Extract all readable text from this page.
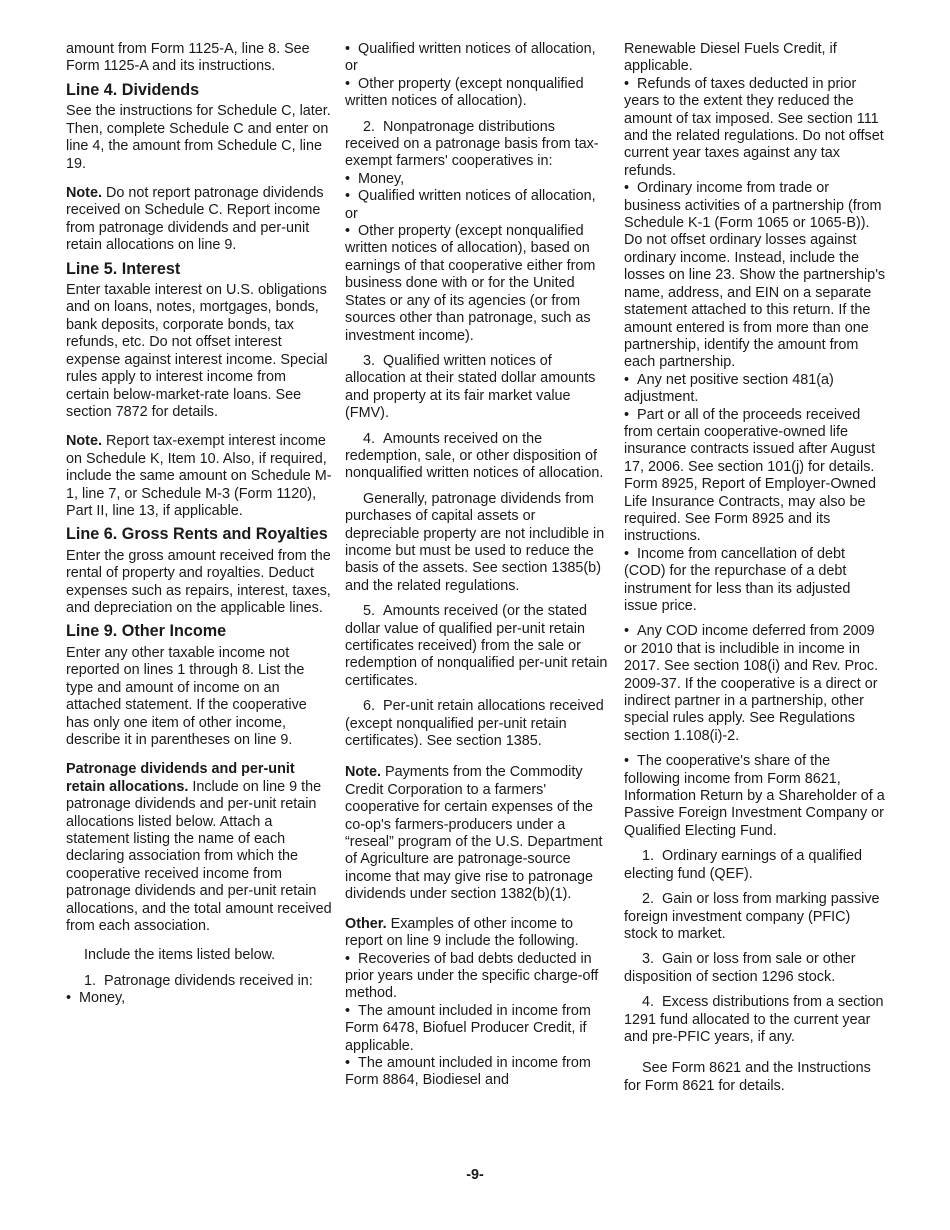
amount from Form 1125-A, line 8. See Form 1125-A and its instructions.

Line 4. Dividends

See the instructions for Schedule C, later. Then, complete Schedule C and enter on line 4, the amount from Schedule C, line 19.

Note. Do not report patronage dividends received on Schedule C. Report income from patronage dividends and per-unit retain allocations on line 9.

Line 5. Interest

Enter taxable interest on U.S. obligations and on loans, notes, mortgages, bonds, bank deposits, corporate bonds, tax refunds, etc. Do not offset interest expense against interest income. Special rules apply to interest income from certain below-market-rate loans. See section 7872 for details.

Note. Report tax-exempt interest income on Schedule K, Item 10. Also, if required, include the same amount on Schedule M-1, line 7, or Schedule M-3 (Form 1120), Part II, line 13, if applicable.

Line 6. Gross Rents and Royalties

Enter the gross amount received from the rental of property and royalties. Deduct expenses such as repairs, interest, taxes, and depreciation on the applicable lines.

Line 9. Other Income

Enter any other taxable income not reported on lines 1 through 8. List the type and amount of income on an attached statement. If the cooperative has only one item of other income, describe it in parentheses on line 9.

Patronage dividends and per-unit retain allocations. Include on line 9 the patronage dividends and per-unit retain allocations listed below. Attach a statement listing the name of each declaring association from which the cooperative received income from patronage dividends and per-unit retain allocations, and the total amount received from each association.

Include the items listed below.

1.  Patronage dividends received in:

•  Money,
•  Qualified written notices of allocation, or
•  Other property (except nonqualified written notices of allocation).

2.  Nonpatronage distributions received on a patronage basis from tax-exempt farmers' cooperatives in:

•  Money,
•  Qualified written notices of allocation, or
•  Other property (except nonqualified written notices of allocation), based on earnings of that cooperative either from business done with or for the United States or any of its agencies (or from sources other than patronage, such as investment income).

3.  Qualified written notices of allocation at their stated dollar amounts and property at its fair market value (FMV).

4.  Amounts received on the redemption, sale, or other disposition of nonqualified written notices of allocation.

Generally, patronage dividends from purchases of capital assets or depreciable property are not includible in income but must be used to reduce the basis of the assets. See section 1385(b) and the related regulations.

5.  Amounts received (or the stated dollar value of qualified per-unit retain certificates received) from the sale or redemption of nonqualified per-unit retain certificates.

6.  Per-unit retain allocations received (except nonqualified per-unit retain certificates). See section 1385.

Note. Payments from the Commodity Credit Corporation to a farmers' cooperative for certain expenses of the co-op's farmers-producers under a “reseal” program of the U.S. Department of Agriculture are patronage-source income that may give rise to patronage dividends under section 1382(b)(1).

Other. Examples of other income to report on line 9 include the following.

•  Recoveries of bad debts deducted in prior years under the specific charge-off method.
•  The amount included in income from Form 6478, Biofuel Producer Credit, if applicable.
•  The amount included in income from Form 8864, Biodiesel and

Renewable Diesel Fuels Credit, if applicable.

•  Refunds of taxes deducted in prior years to the extent they reduced the amount of tax imposed. See section 111 and the related regulations. Do not offset current year taxes against any tax refunds.
•  Ordinary income from trade or business activities of a partnership (from Schedule K-1 (Form 1065 or 1065-B)). Do not offset ordinary losses against ordinary income. Instead, include the losses on line 23. Show the partnership's name, address, and EIN on a separate statement attached to this return. If the amount entered is from more than one partnership, identify the amount from each partnership.
•  Any net positive section 481(a) adjustment.
•  Part or all of the proceeds received from certain cooperative-owned life insurance contracts issued after August 17, 2006. See section 101(j) for details. Form 8925, Report of Employer-Owned Life Insurance Contracts, may also be required. See Form 8925 and its instructions.
•  Income from cancellation of debt (COD) for the repurchase of a debt instrument for less than its adjusted issue price.
•  Any COD income deferred from 2009 or 2010 that is includible in income in 2017. See section 108(i) and Rev. Proc. 2009-37. If the cooperative is a direct or indirect partner in a partnership, other special rules apply. See Regulations section 1.108(i)-2.
•  The cooperative's share of the following income from Form 8621, Information Return by a Shareholder of a Passive Foreign Investment Company or Qualified Electing Fund.

1.  Ordinary earnings of a qualified electing fund (QEF).

2.  Gain or loss from marking passive foreign investment company (PFIC) stock to market.

3.  Gain or loss from sale or other disposition of section 1296 stock.

4.  Excess distributions from a section 1291 fund allocated to the current year and pre-PFIC years, if any.

See Form 8621 and the Instructions for Form 8621 for details.

-9-
